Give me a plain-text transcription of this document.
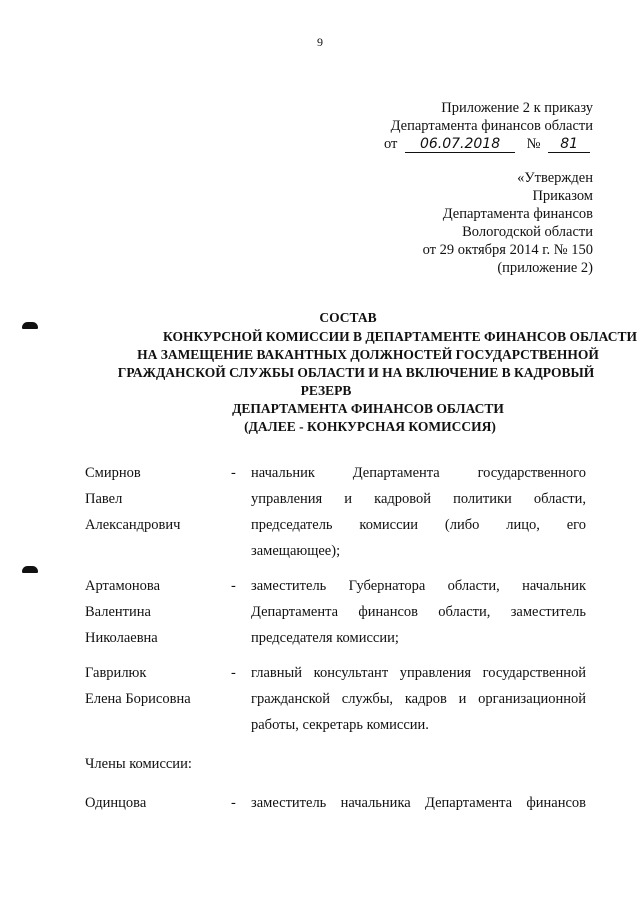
9
Приложение 2 к приказу
Департамента финансов области
от 06.07.2018 № 81
«Утвержден
Приказом
Департамента финансов
Вологодской области
от 29 октября 2014 г. № 150
(приложение 2)
СОСТАВ
КОНКУРСНОЙ КОМИССИИ В ДЕПАРТАМЕНТЕ ФИНАНСОВ ОБЛАСТИ
НА ЗАМЕЩЕНИЕ ВАКАНТНЫХ ДОЛЖНОСТЕЙ ГОСУДАРСТВЕННОЙ
ГРАЖДАНСКОЙ СЛУЖБЫ ОБЛАСТИ И НА ВКЛЮЧЕНИЕ В КАДРОВЫЙ
РЕЗЕРВ
ДЕПАРТАМЕНТА ФИНАНСОВ ОБЛАСТИ
(ДАЛЕЕ - КОНКУРСНАЯ КОМИССИЯ)
Смирнов
Павел
Александрович
- начальник Департамента государственного
управления и кадровой политики области,
председатель комиссии (либо лицо, его
замещающее);
Артамонова
Валентина
Николаевна
- заместитель Губернатора области, начальник
Департамента финансов области, заместитель
председателя комиссии;
Гаврилюк
Елена Борисовна
- главный консультант управления государственной
гражданской службы, кадров и организационной
работы, секретарь комиссии.
Члены комиссии:
Одинцова	- заместитель начальника Департамента финансов
